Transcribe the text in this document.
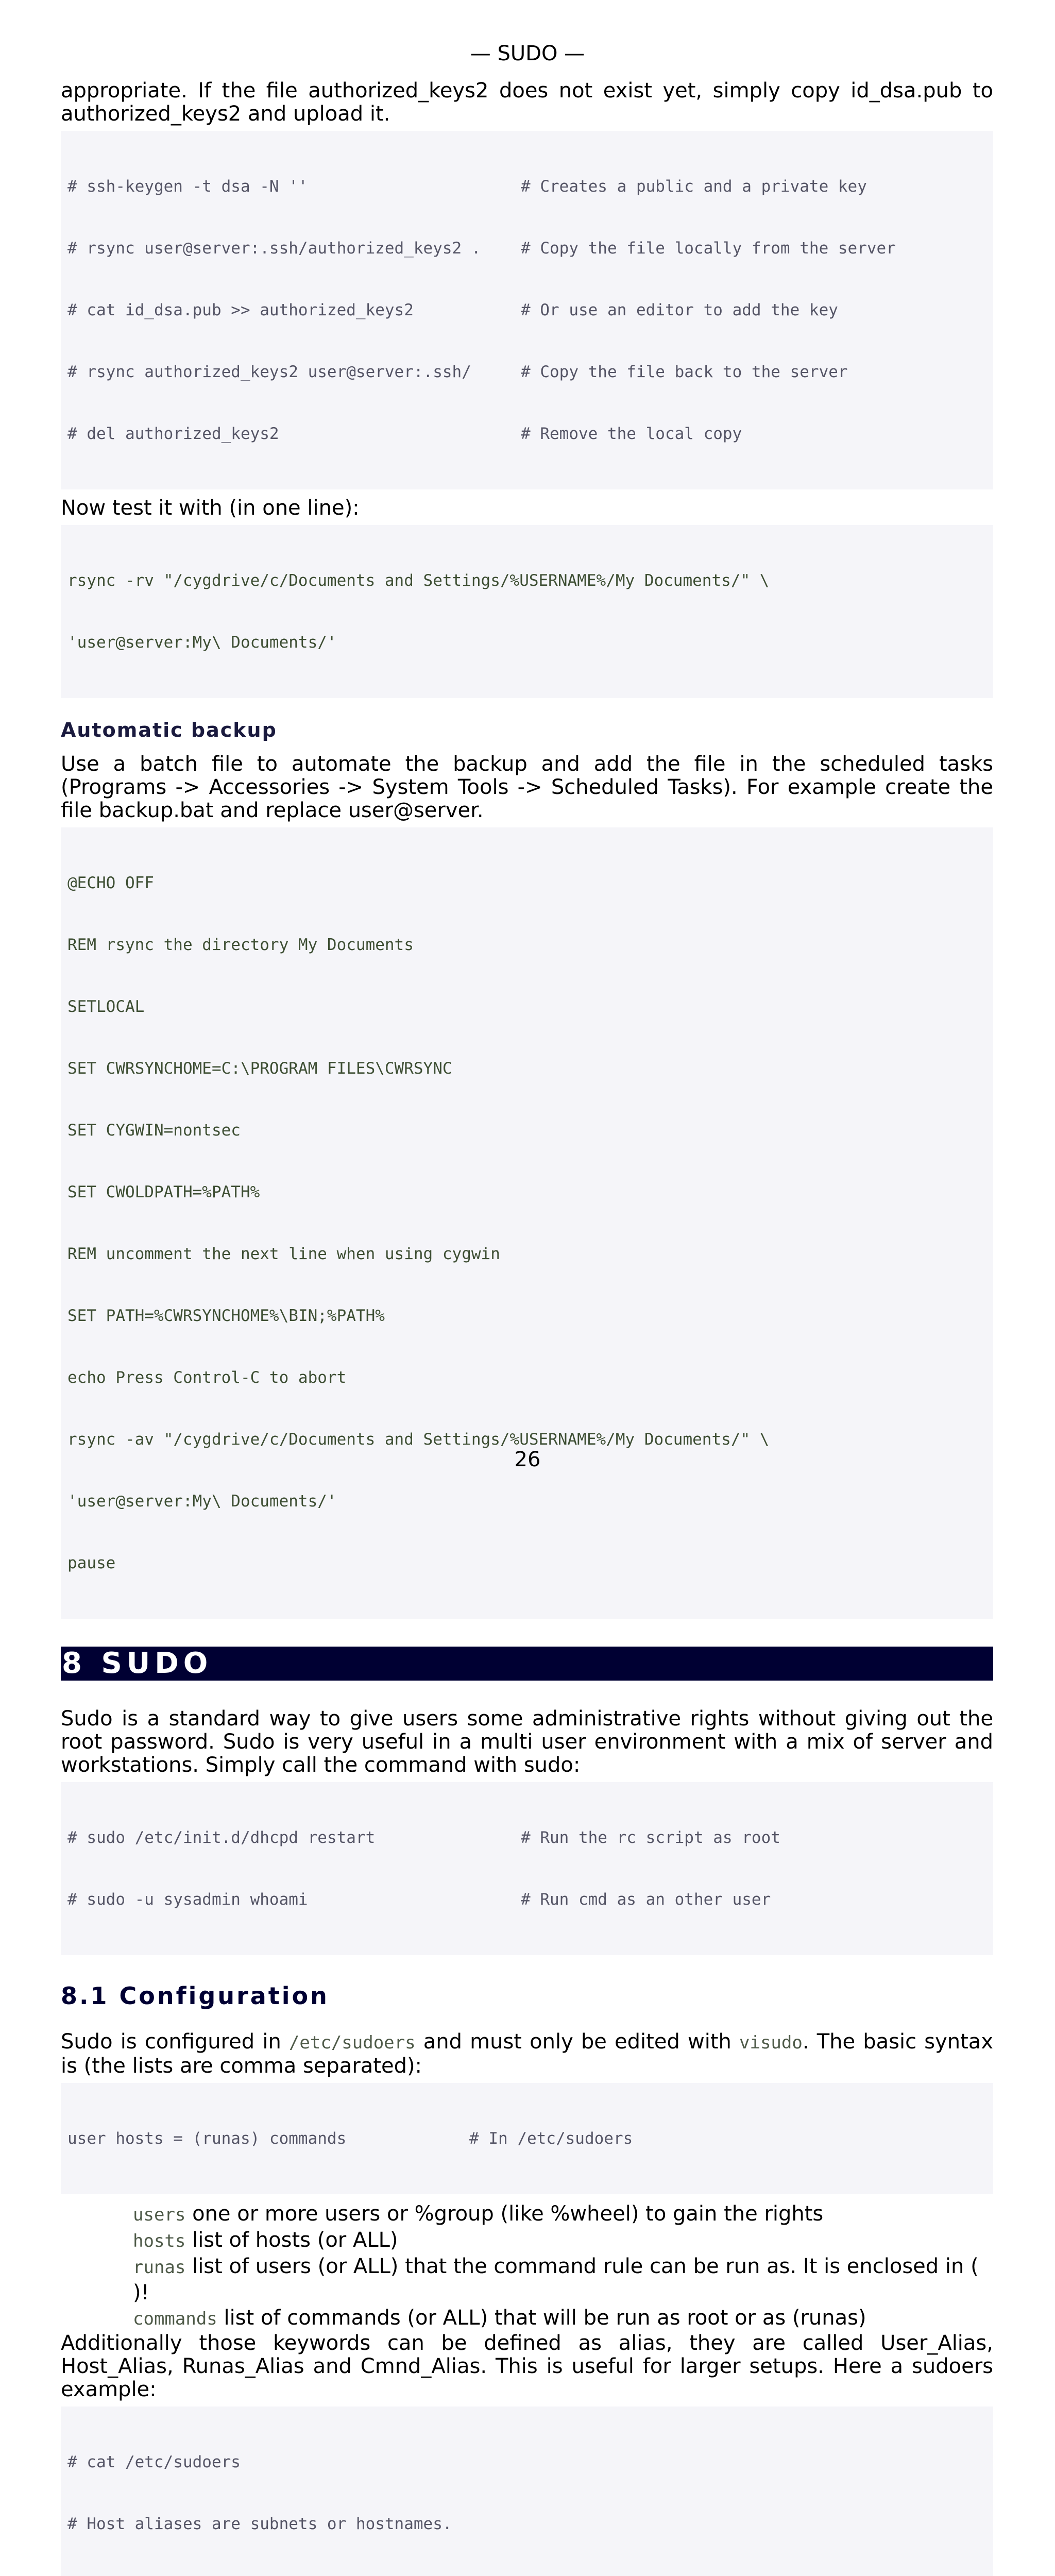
— SUDO —

appropriate. If the file authorized_keys2 does not exist yet, simply copy id_dsa.pub to authorized_keys2 and upload it.

# ssh-keygen -t dsa -N ''	# Creates a public and a private key

# rsync user@server:.ssh/authorized_keys2 . # Copy the file locally from the server

# cat id_dsa.pub >> authorized_keys2	# Or use an editor to add the key

# rsync authorized_keys2 user@server:.ssh/	# Copy the file back to the server

# del authorized_keys2	# Remove the local copy

Now test it with (in one line):

rsync -rv "/cygdrive/c/Documents and Settings/%USERNAME%/My Documents/" \

'user@server:My\ Documents/'

Automatic backup

Use a batch file to automate the backup and add the file in the scheduled tasks (Programs -> Accessories -> System Tools -> Scheduled Tasks). For example create the file backup.bat and replace user@server.

@ECHO OFF

REM rsync the directory My Documents

SETLOCAL

SET CWRSYNCHOME=C:\PROGRAM FILES\CWRSYNC

SET CYGWIN=nontsec

SET CWOLDPATH=%PATH%

REM uncomment the next line when using cygwin

SET PATH=%CWRSYNCHOME%\BIN;%PATH%

echo Press Control-C to abort

rsync -av "/cygdrive/c/Documents and Settings/%USERNAME%/My Documents/" \

'user@server:My\ Documents/'

pause

8 SUDO

Sudo is a standard way to give users some administrative rights without giving out the root password. Sudo is very useful in a multi user environment with a mix of server and workstations. Simply call the command with sudo:

# sudo /etc/init.d/dhcpd restart	# Run the rc script as root

# sudo -u sysadmin whoami	# Run cmd as an other user

8.1 Configuration

Sudo is configured in /etc/sudoers and must only be edited with visudo. The basic syntax is (the lists are comma separated):

user hosts = (runas) commands	# In /etc/sudoers

users one or more users or %group (like %wheel) to gain the rights
hosts list of hosts (or ALL)
runas list of users (or ALL) that the command rule can be run as. It is enclosed in ( )!
commands list of commands (or ALL) that will be run as root or as (runas)

Additionally those keywords can be defined as alias, they are called User_Alias, Host_Alias, Runas_Alias and Cmnd_Alias. This is useful for larger setups. Here a sudoers example:

# cat /etc/sudoers

# Host aliases are subnets or hostnames.

26
